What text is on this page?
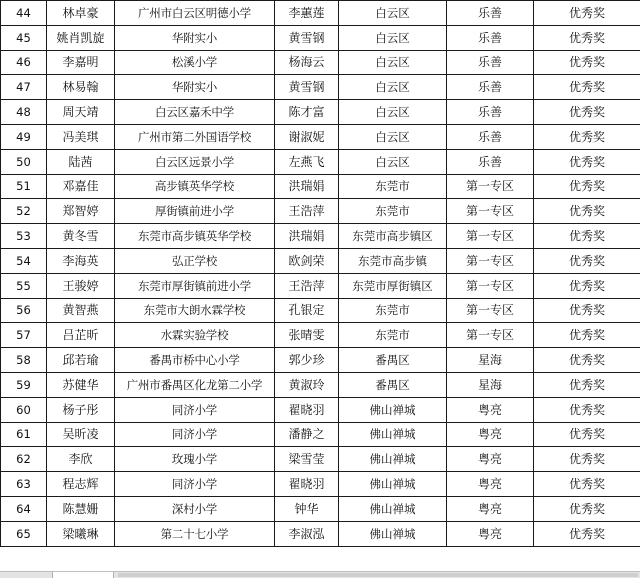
44	林卓豪	广州市白云区明德小学	李蕙莲	白云区	乐善	优秀奖
45	姚肖凯旋	华附实小	黄雪钢	白云区	乐善	优秀奖
46	李嘉明	松溪小学	杨海云	白云区	乐善	优秀奖
47	林易翰	华附实小	黄雪钢	白云区	乐善	优秀奖
48	周天靖	白云区嘉禾中学	陈才富	白云区	乐善	优秀奖
49	冯美琪	广州市第二外国语学校	谢淑妮	白云区	乐善	优秀奖
50	陆茜	白云区远景小学	左燕飞	白云区	乐善	优秀奖
51	邓嘉佳	高步镇英华学校	洪瑞娟	东莞市	第一专区	优秀奖
52	郑智婷	厚街镇前进小学	王浩萍	东莞市	第一专区	优秀奖
53	黄冬雪	东莞市高步镇英华学校	洪瑞娟	东莞市高步镇区	第一专区	优秀奖
54	李海英	弘正学校	欧剑荣	东莞市高步镇	第一专区	优秀奖
55	王骏婷	东莞市厚街镇前进小学	王浩萍	东莞市厚街镇区	第一专区	优秀奖
56	黄智燕	东莞市大朗水霖学校	孔银定	东莞市	第一专区	优秀奖
57	吕芷昕	水霖实验学校	张晴雯	东莞市	第一专区	优秀奖
58	邱若瑜	番禺市桥中心小学	郭少珍	番禺区	星海	优秀奖
59	苏健华	广州市番禺区化龙第二小学	黄淑玲	番禺区	星海	优秀奖
60	杨子彤	同济小学	翟晓羽	佛山禅城	粤亮	优秀奖
61	吴昕凌	同济小学	潘静之	佛山禅城	粤亮	优秀奖
62	李欣	玫瑰小学	梁雪莹	佛山禅城	粤亮	优秀奖
63	程志辉	同济小学	翟晓羽	佛山禅城	粤亮	优秀奖
64	陈慧姗	深村小学	钟华	佛山禅城	粤亮	优秀奖
65	梁曦琳	第二十七小学	李淑泓	佛山禅城	粤亮	优秀奖
